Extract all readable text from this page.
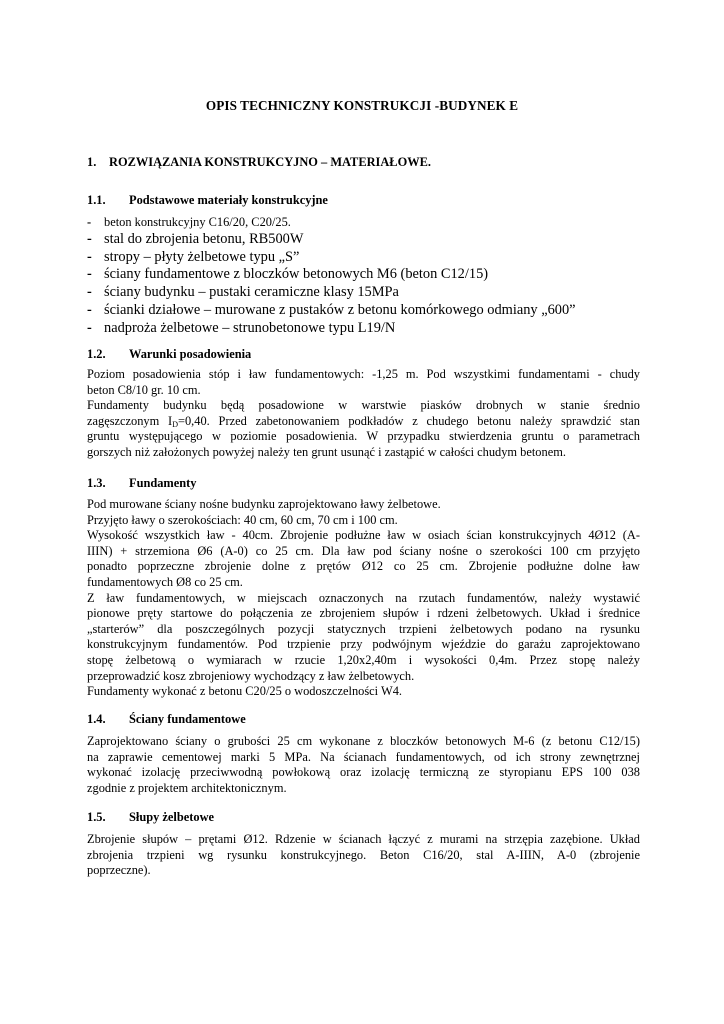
OPIS TECHNICZNY KONSTRUKCJI -BUDYNEK E
1. ROZWIĄZANIA KONSTRUKCYJNO – MATERIAŁOWE.
1.1. Podstawowe materiały konstrukcyjne
- beton konstrukcyjny C16/20, C20/25.
- stal do zbrojenia betonu, RB500W
- stropy – płyty żelbetowe typu „S”
- ściany fundamentowe z bloczków betonowych M6 (beton C12/15)
- ściany budynku – pustaki ceramiczne klasy 15MPa
- ścianki działowe – murowane z pustaków z betonu komórkowego odmiany „600”
- nadproża żelbetowe – strunobetonowe typu L19/N
1.2. Warunki posadowienia
Poziom posadowienia stóp i ław fundamentowych: -1,25 m. Pod wszystkimi fundamentami - chudy
beton C8/10 gr. 10 cm.
Fundamenty budynku będą posadowione w warstwie piasków drobnych w stanie średnio
zagęszczonym $I_D=0,40$. Przed zabetonowaniem podkładów z chudego betonu należy sprawdzić stan
gruntu występującego w poziomie posadowienia. W przypadku stwierdzenia gruntu o parametrach
gorszych niż założonych powyżej należy ten grunt usunąć i zastąpić w całości chudym betonem.
1.3. Fundamenty
Pod murowane ściany nośne budynku zaprojektowano ławy żelbetowe.
Przyjęto ławy o szerokościach: 40 cm, 60 cm, 70 cm i 100 cm.
Wysokość wszystkich ław - 40cm. Zbrojenie podłużne ław w osiach ścian konstrukcyjnych 4Ø12 (A-
IIIN) + strzemiona Ø6 (A-0) co 25 cm. Dla ław pod ściany nośne o szerokości 100 cm przyjęto
ponadto poprzeczne zbrojenie dolne z prętów Ø12 co 25 cm. Zbrojenie podłużne dolne ław
fundamentowych Ø8 co 25 cm.
Z ław fundamentowych, w miejscach oznaczonych na rzutach fundamentów, należy wystawić
pionowe pręty startowe do połączenia ze zbrojeniem słupów i rdzeni żelbetowych. Układ i średnice
„starterów” dla poszczególnych pozycji statycznych trzpieni żelbetowych podano na rysunku
konstrukcyjnym fundamentów. Pod trzpienie przy podwójnym wjeździe do garażu zaprojektowano
stopę żelbetową o wymiarach w rzucie 1,20x2,40m i wysokości 0,4m. Przez stopę należy
przeprowadzić kosz zbrojeniowy wychodzący z ław żelbetowych.
Fundamenty wykonać z betonu C20/25 o wodoszczelności W4.
1.4. Ściany fundamentowe
Zaprojektowano ściany o grubości 25 cm wykonane z bloczków betonowych M-6 (z betonu C12/15)
na zaprawie cementowej marki 5 MPa. Na ścianach fundamentowych, od ich strony zewnętrznej
wykonać izolację przeciwwodną powłokową oraz izolację termiczną ze styropianu EPS 100 038
zgodnie z projektem architektonicznym.
1.5. Słupy żelbetowe
Zbrojenie słupów – prętami Ø12. Rdzenie w ścianach łączyć z murami na strzępia zazębione. Układ
zbrojenia trzpieni wg rysunku konstrukcyjnego. Beton C16/20, stal A-IIIN, A-0 (zbrojenie
poprzeczne).
